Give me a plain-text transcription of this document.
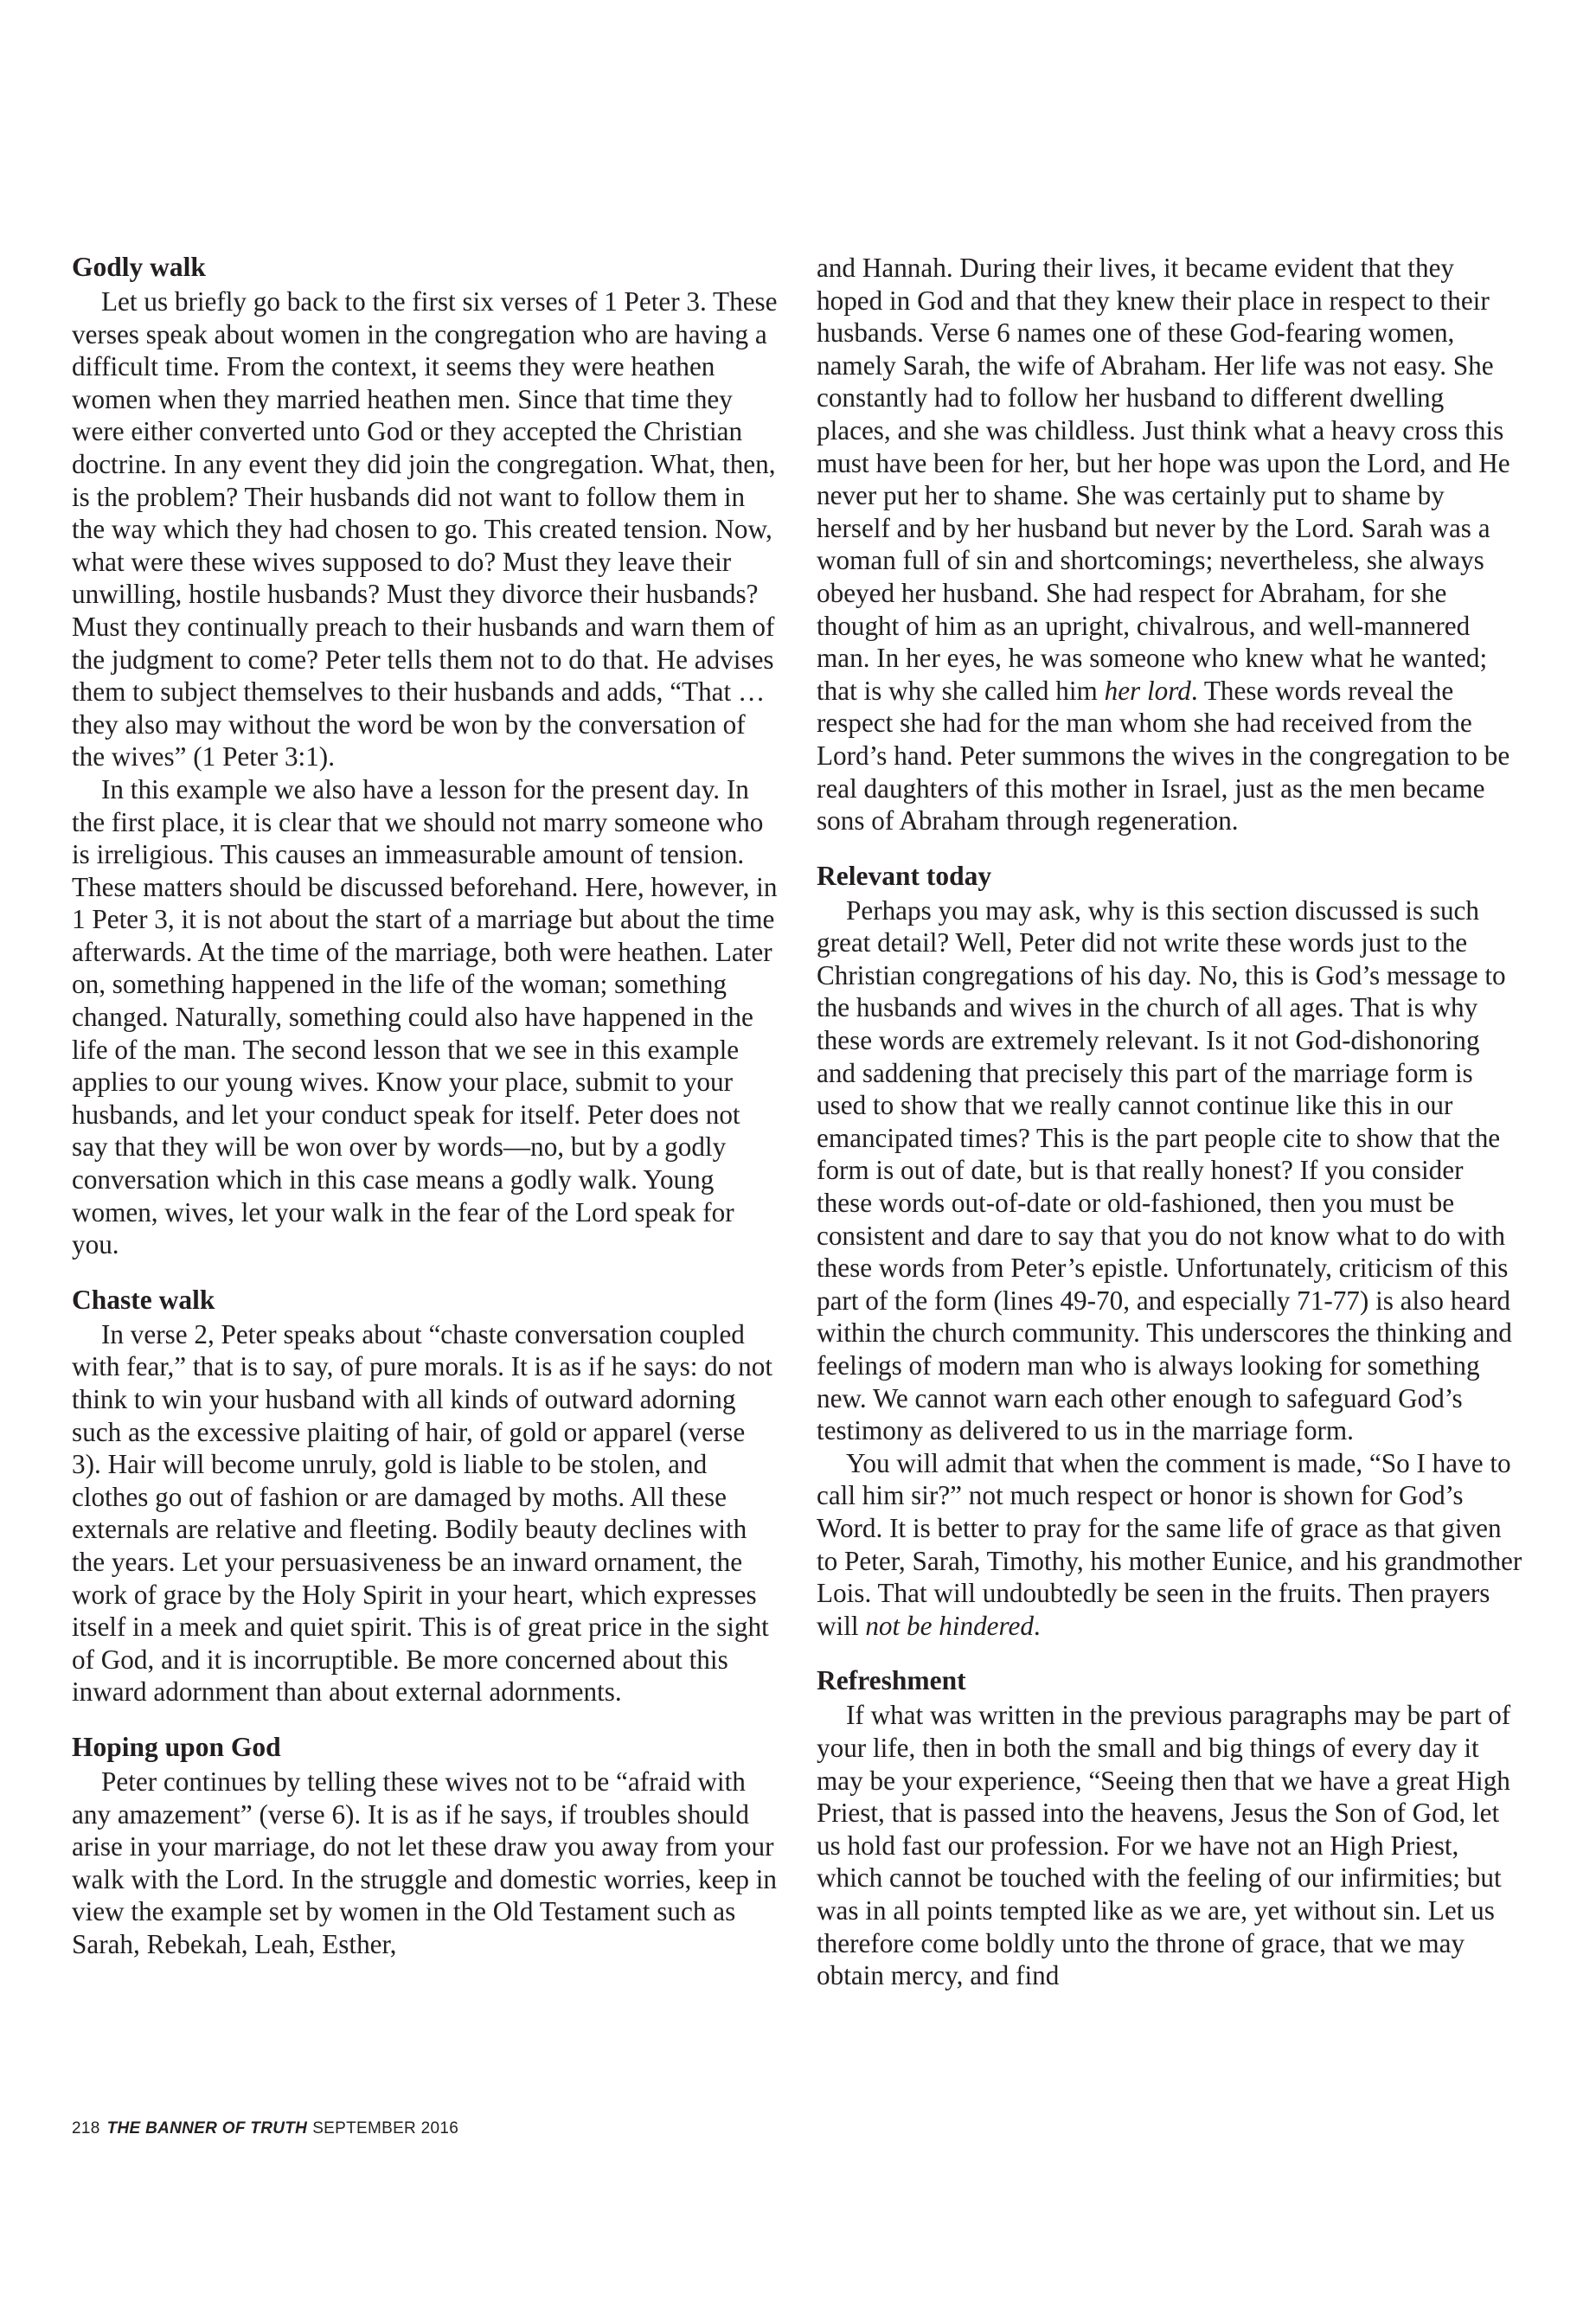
Godly walk

Let us briefly go back to the first six verses of 1 Peter 3. These verses speak about women in the congregation who are having a difficult time. From the context, it seems they were heathen women when they married heathen men. Since that time they were either converted unto God or they accepted the Christian doctrine. In any event they did join the congregation. What, then, is the problem? Their husbands did not want to follow them in the way which they had chosen to go. This created tension. Now, what were these wives supposed to do? Must they leave their unwilling, hostile husbands? Must they divorce their husbands? Must they continually preach to their husbands and warn them of the judgment to come? Peter tells them not to do that. He advises them to subject themselves to their husbands and adds, “That … they also may without the word be won by the conversation of the wives” (1 Peter 3:1).

In this example we also have a lesson for the present day. In the first place, it is clear that we should not marry someone who is irreligious. This causes an immeasurable amount of tension. These matters should be discussed beforehand. Here, however, in 1 Peter 3, it is not about the start of a marriage but about the time afterwards. At the time of the marriage, both were heathen. Later on, something happened in the life of the woman; something changed. Naturally, something could also have happened in the life of the man. The second lesson that we see in this example applies to our young wives. Know your place, submit to your husbands, and let your conduct speak for itself. Peter does not say that they will be won over by words—no, but by a godly conversation which in this case means a godly walk. Young women, wives, let your walk in the fear of the Lord speak for you.

Chaste walk

In verse 2, Peter speaks about “chaste conversation coupled with fear,” that is to say, of pure morals. It is as if he says: do not think to win your husband with all kinds of outward adorning such as the excessive plaiting of hair, of gold or apparel (verse 3). Hair will become unruly, gold is liable to be stolen, and clothes go out of fashion or are damaged by moths. All these externals are relative and fleeting. Bodily beauty declines with the years. Let your persuasiveness be an inward ornament, the work of grace by the Holy Spirit in your heart, which expresses itself in a meek and quiet spirit. This is of great price in the sight of God, and it is incorruptible. Be more concerned about this inward adornment than about external adornments.

Hoping upon God

Peter continues by telling these wives not to be “afraid with any amazement” (verse 6). It is as if he says, if troubles should arise in your marriage, do not let these draw you away from your walk with the Lord. In the struggle and domestic worries, keep in view the example set by women in the Old Testament such as Sarah, Rebekah, Leah, Esther,

and Hannah. During their lives, it became evident that they hoped in God and that they knew their place in respect to their husbands. Verse 6 names one of these God-fearing women, namely Sarah, the wife of Abraham. Her life was not easy. She constantly had to follow her husband to different dwelling places, and she was childless. Just think what a heavy cross this must have been for her, but her hope was upon the Lord, and He never put her to shame. She was certainly put to shame by herself and by her husband but never by the Lord. Sarah was a woman full of sin and shortcomings; nevertheless, she always obeyed her husband. She had respect for Abraham, for she thought of him as an upright, chivalrous, and well-mannered man. In her eyes, he was someone who knew what he wanted; that is why she called him her lord. These words reveal the respect she had for the man whom she had received from the Lord’s hand. Peter summons the wives in the congregation to be real daughters of this mother in Israel, just as the men became sons of Abraham through regeneration.

Relevant today

Perhaps you may ask, why is this section discussed is such great detail? Well, Peter did not write these words just to the Christian congregations of his day. No, this is God’s message to the husbands and wives in the church of all ages. That is why these words are extremely relevant. Is it not God-dishonoring and saddening that precisely this part of the marriage form is used to show that we really cannot continue like this in our emancipated times? This is the part people cite to show that the form is out of date, but is that really honest? If you consider these words out-of-date or old-fashioned, then you must be consistent and dare to say that you do not know what to do with these words from Peter’s epistle. Unfortunately, criticism of this part of the form (lines 49-70, and especially 71-77) is also heard within the church community. This underscores the thinking and feelings of modern man who is always looking for something new. We cannot warn each other enough to safeguard God’s testimony as delivered to us in the marriage form.

You will admit that when the comment is made, “So I have to call him sir?” not much respect or honor is shown for God’s Word. It is better to pray for the same life of grace as that given to Peter, Sarah, Timothy, his mother Eunice, and his grandmother Lois. That will undoubtedly be seen in the fruits. Then prayers will not be hindered.

Refreshment

If what was written in the previous paragraphs may be part of your life, then in both the small and big things of every day it may be your experience, “Seeing then that we have a great High Priest, that is passed into the heavens, Jesus the Son of God, let us hold fast our profession. For we have not an High Priest, which cannot be touched with the feeling of our infirmities; but was in all points tempted like as we are, yet without sin. Let us therefore come boldly unto the throne of grace, that we may obtain mercy, and find

218 THE BANNER OF TRUTH SEPTEMBER 2016
